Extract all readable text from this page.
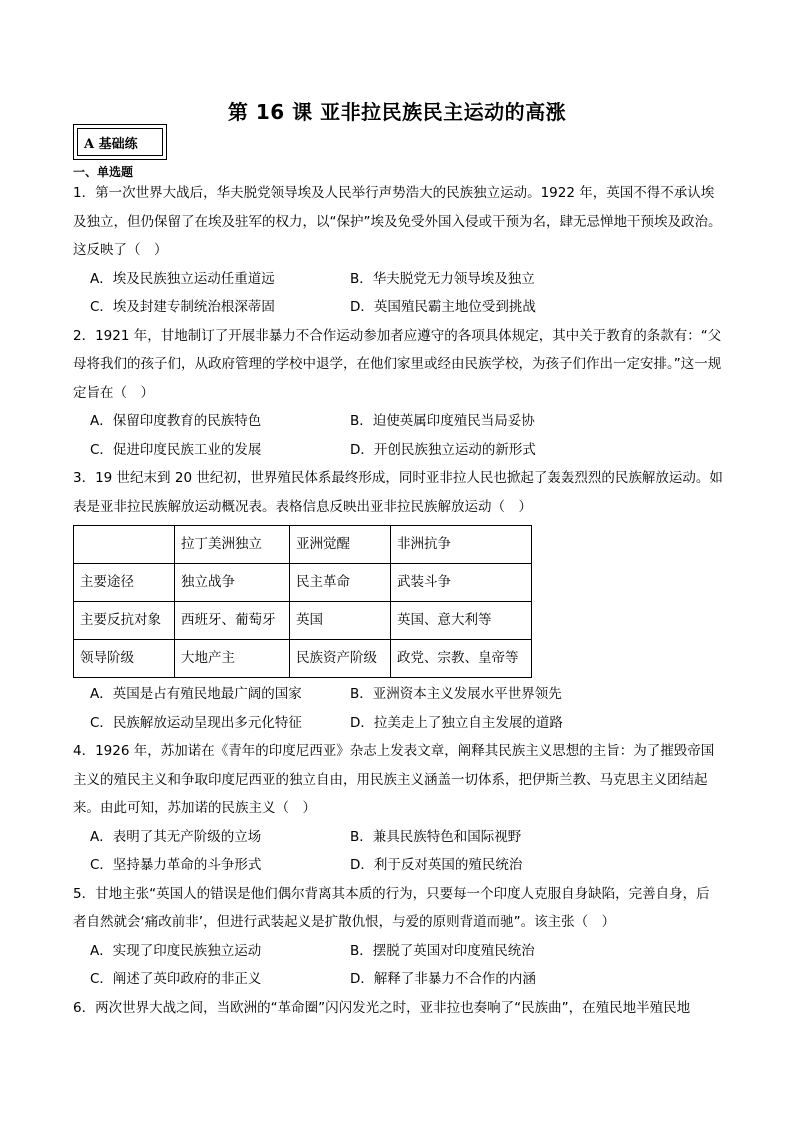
第 16 课 亚非拉民族民主运动的高涨
A 基础练
一、单选题

1．第一次世界大战后，华夫脱党领导埃及人民举行声势浩大的民族独立运动。1922 年，英国不得不承认埃及独立，但仍保留了在埃及驻军的权力，以“保护”埃及免受外国入侵或干预为名，肆无忌惮地干预埃及政治。这反映了（　）

A．埃及民族独立运动任重道远	B．华夫脱党无力领导埃及独立
C．埃及封建专制统治根深蒂固	D．英国殖民霸主地位受到挑战

2．1921 年，甘地制订了开展非暴力不合作运动参加者应遵守的各项具体规定，其中关于教育的条款有：“父母将我们的孩子们，从政府管理的学校中退学，在他们家里或经由民族学校，为孩子们作出一定安排。”这一规定旨在（　）

A．保留印度教育的民族特色	B．迫使英属印度殖民当局妥协
C．促进印度民族工业的发展	D．开创民族独立运动的新形式

3．19 世纪末到 20 世纪初，世界殖民体系最终形成，同时亚非拉人民也掀起了轰轰烈烈的民族解放运动。如表是亚非拉民族解放运动概况表。表格信息反映出亚非拉民族解放运动（　）

	拉丁美洲独立	亚洲觉醒	非洲抗争
主要途径	独立战争	民主革命	武装斗争
主要反抗对象	西班牙、葡萄牙	英国	英国、意大利等
领导阶级	大地产主	民族资产阶级	政党、宗教、皇帝等
A．英国是占有殖民地最广阔的国家	B．亚洲资本主义发展水平世界领先
C．民族解放运动呈现出多元化特征	D．拉美走上了独立自主发展的道路

4．1926 年，苏加诺在《青年的印度尼西亚》杂志上发表文章，阐释其民族主义思想的主旨：为了摧毁帝国主义的殖民主义和争取印度尼西亚的独立自由，用民族主义涵盖一切体系，把伊斯兰教、马克思主义团结起来。由此可知，苏加诺的民族主义（　）

A．表明了其无产阶级的立场	B．兼具民族特色和国际视野
C．坚持暴力革命的斗争形式	D．利于反对英国的殖民统治

5．甘地主张“英国人的错误是他们偶尔背离其本质的行为，只要每一个印度人克服自身缺陷，完善自身，后者自然就会‘痛改前非’，但进行武装起义是扩散仇恨，与爱的原则背道而驰”。该主张（　）

A．实现了印度民族独立运动	B．摆脱了英国对印度殖民统治
C．阐述了英印政府的非正义	D．解释了非暴力不合作的内涵

6．两次世界大战之间，当欧洲的“革命圈”闪闪发光之时，亚非拉也奏响了“民族曲”，在殖民地半殖民地
